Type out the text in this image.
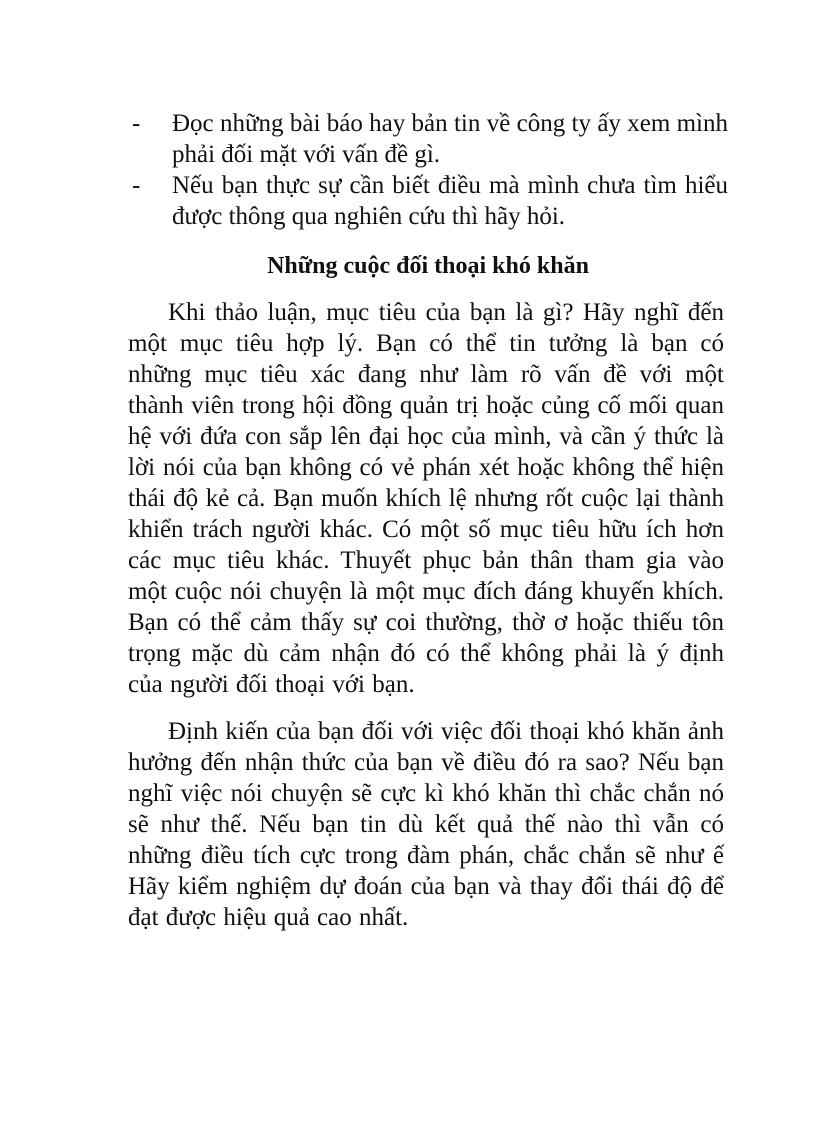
- Đọc những bài báo hay bản tin về công ty ấy xem mình phải đối mặt với vấn đề gì.
- Nếu bạn thực sự cần biết điều mà mình chưa tìm hiểu được thông qua nghiên cứu thì hãy hỏi.
Những cuộc đối thoại khó khăn

Khi thảo luận, mục tiêu của bạn là gì? Hãy nghĩ đến một mục tiêu hợp lý. Bạn có thể tin tưởng là bạn có những mục tiêu xác đang như làm rõ vấn đề với một thành viên trong hội đồng quản trị hoặc củng cố mối quan hệ với đứa con sắp lên đại học của mình, và cần ý thức là lời nói của bạn không có vẻ phán xét hoặc không thể hiện thái độ kẻ cả. Bạn muốn khích lệ nhưng rốt cuộc lại thành khiển trách người khác. Có một số mục tiêu hữu ích hơn các mục tiêu khác. Thuyết phục bản thân tham gia vào một cuộc nói chuyện là một mục đích đáng khuyến khích. Bạn có thể cảm thấy sự coi thường, thờ ơ hoặc thiếu tôn trọng mặc dù cảm nhận đó có thể không phải là ý định của người đối thoại với bạn.

Định kiến của bạn đối với việc đối thoại khó khăn ảnh hưởng đến nhận thức của bạn về điều đó ra sao? Nếu bạn nghĩ việc nói chuyện sẽ cực kì khó khăn thì chắc chắn nó sẽ như thế. Nếu bạn tin dù kết quả thế nào thì vẫn có những điều tích cực trong đàm phán, chắc chắn sẽ như ế Hãy kiểm nghiệm dự đoán của bạn và thay đổi thái độ để đạt được hiệu quả cao nhất.
